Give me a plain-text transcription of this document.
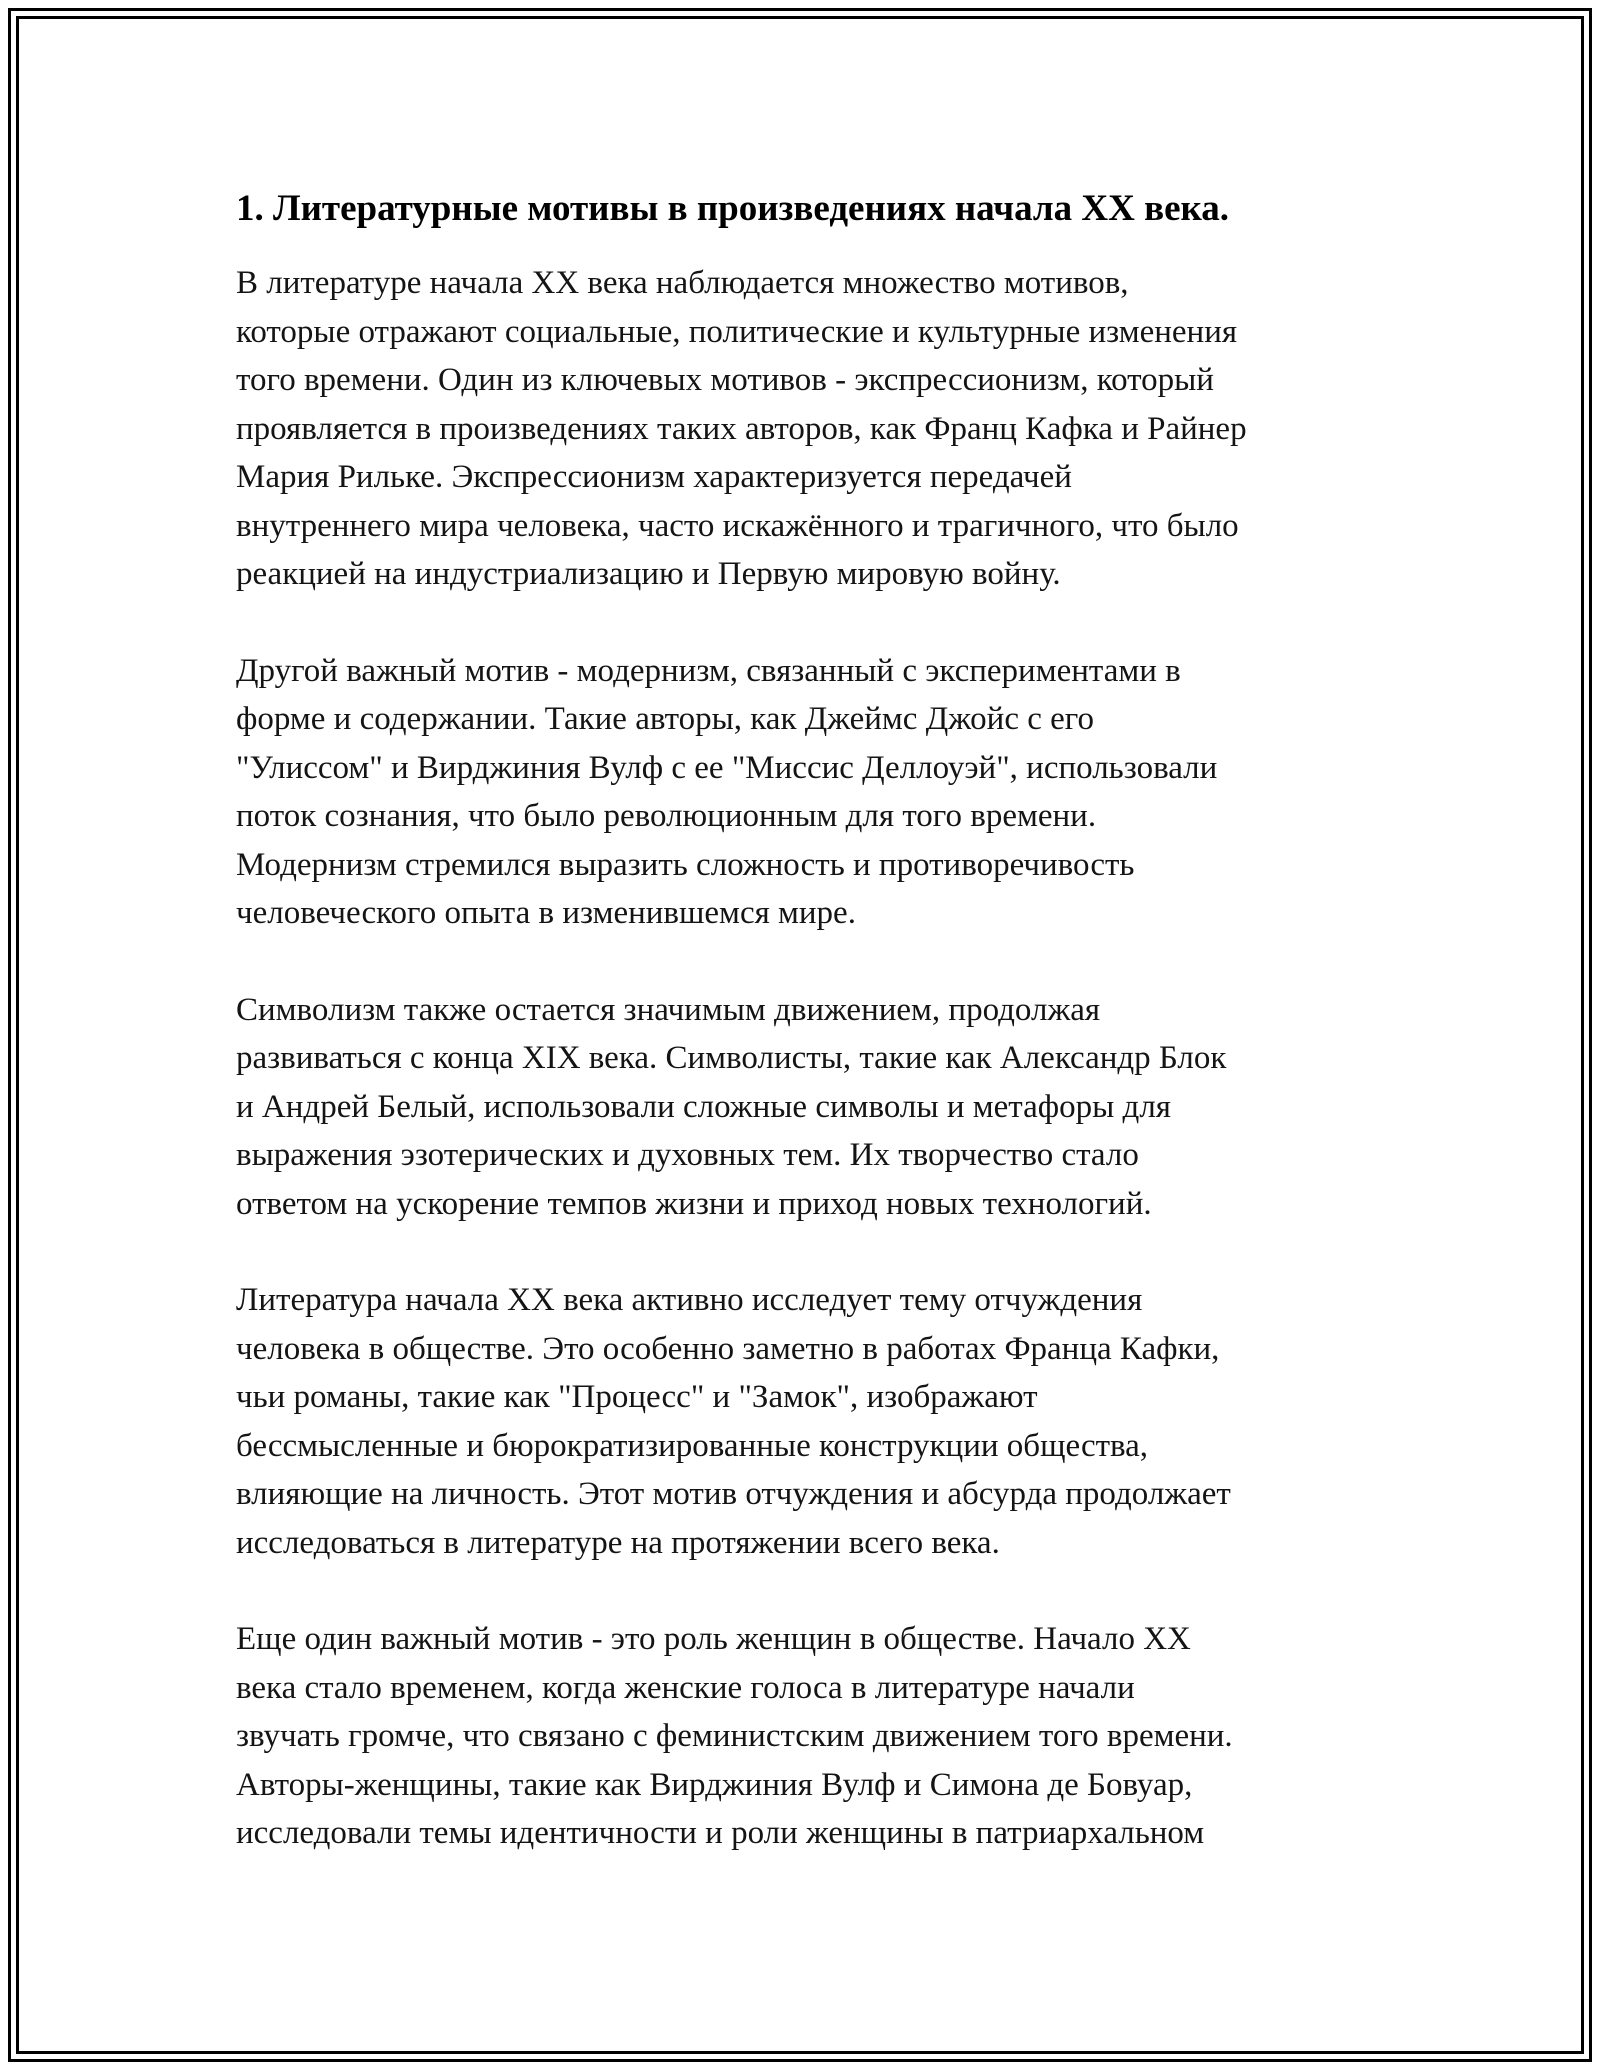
1. Литературные мотивы в произведениях начала XX века.

В литературе начала XX века наблюдается множество мотивов,
которые отражают социальные, политические и культурные изменения
того времени. Один из ключевых мотивов - экспрессионизм, который
проявляется в произведениях таких авторов, как Франц Кафка и Райнер
Мария Рильке. Экспрессионизм характеризуется передачей
внутреннего мира человека, часто искажённого и трагичного, что было
реакцией на индустриализацию и Первую мировую войну.

Другой важный мотив - модернизм, связанный с экспериментами в
форме и содержании. Такие авторы, как Джеймс Джойс с его
"Улиссом" и Вирджиния Вулф с ее "Миссис Деллоуэй", использовали
поток сознания, что было революционным для того времени.
Модернизм стремился выразить сложность и противоречивость
человеческого опыта в изменившемся мире.

Символизм также остается значимым движением, продолжая
развиваться с конца XIX века. Символисты, такие как Александр Блок
и Андрей Белый, использовали сложные символы и метафоры для
выражения эзотерических и духовных тем. Их творчество стало
ответом на ускорение темпов жизни и приход новых технологий.

Литература начала XX века активно исследует тему отчуждения
человека в обществе. Это особенно заметно в работах Франца Кафки,
чьи романы, такие как "Процесс" и "Замок", изображают
бессмысленные и бюрократизированные конструкции общества,
влияющие на личность. Этот мотив отчуждения и абсурда продолжает
исследоваться в литературе на протяжении всего века.

Еще один важный мотив - это роль женщин в обществе. Начало XX
века стало временем, когда женские голоса в литературе начали
звучать громче, что связано с феминистским движением того времени.
Авторы-женщины, такие как Вирджиния Вулф и Симона де Бовуар,
исследовали темы идентичности и роли женщины в патриархальном
